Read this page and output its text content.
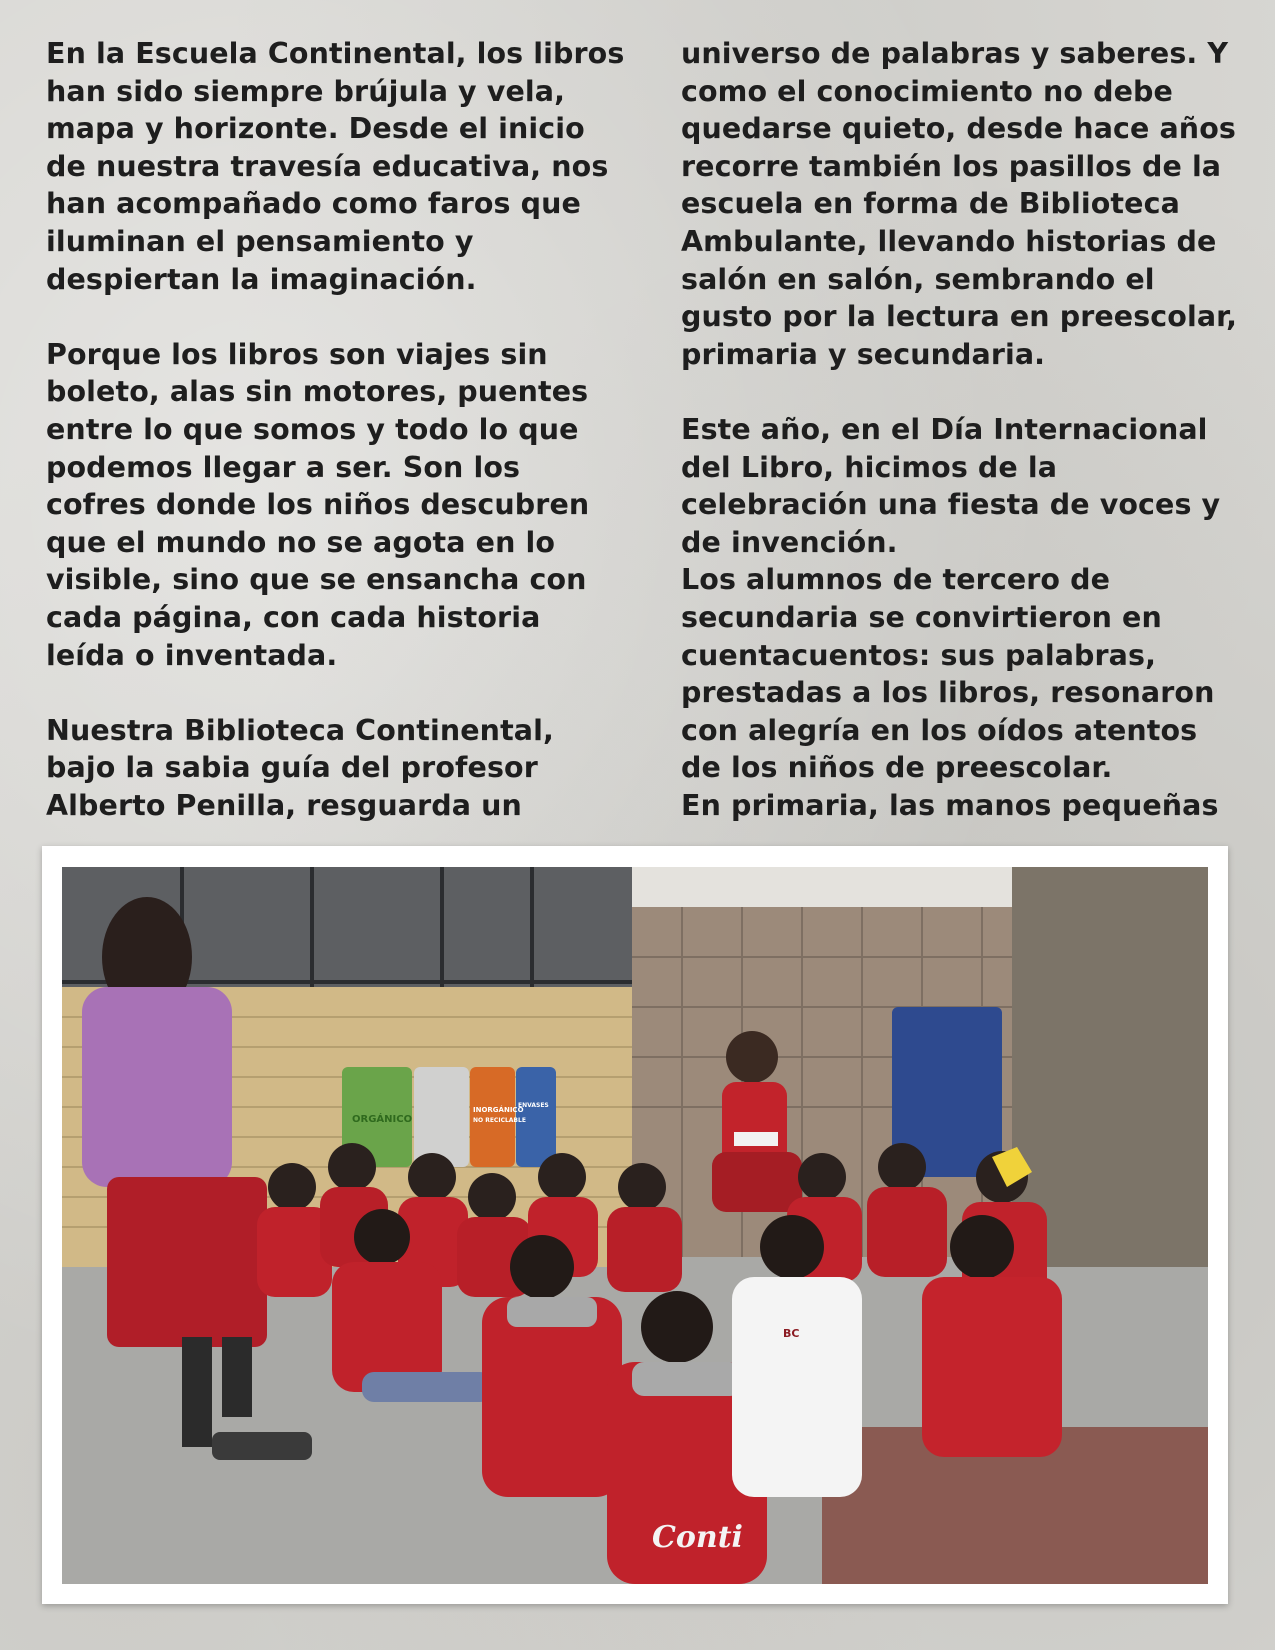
En la Escuela Continental, los libros
han sido siempre brújula y vela,
mapa y horizonte. Desde el inicio
de nuestra travesía educativa, nos
han acompañado como faros que
iluminan el pensamiento y
despiertan la imaginación.
Porque los libros son viajes sin
boleto, alas sin motores, puentes
entre lo que somos y todo lo que
podemos llegar a ser. Son los
cofres donde los niños descubren
que el mundo no se agota en lo
visible, sino que se ensancha con
cada página, con cada historia
leída o inventada.
Nuestra Biblioteca Continental,
bajo la sabia guía del profesor
Alberto Penilla, resguarda un
universo de palabras y saberes. Y
como el conocimiento no debe
quedarse quieto, desde hace años
recorre también los pasillos de la
escuela en forma de Biblioteca
Ambulante, llevando historias de
salón en salón, sembrando el
gusto por la lectura en preescolar,
primaria y secundaria.
Este año, en el Día Internacional
del Libro, hicimos de la
celebración una fiesta de voces y
de invención.
Los alumnos de tercero de
secundaria se convirtieron en
cuentacuentos: sus palabras,
prestadas a los libros, resonaron
con alegría en los oídos atentos
de los niños de preescolar.
En primaria, las manos pequeñas
ORGÁNICO
INORGÁNICO
NO RECICLABLE
ENVASES
Conti
BC
